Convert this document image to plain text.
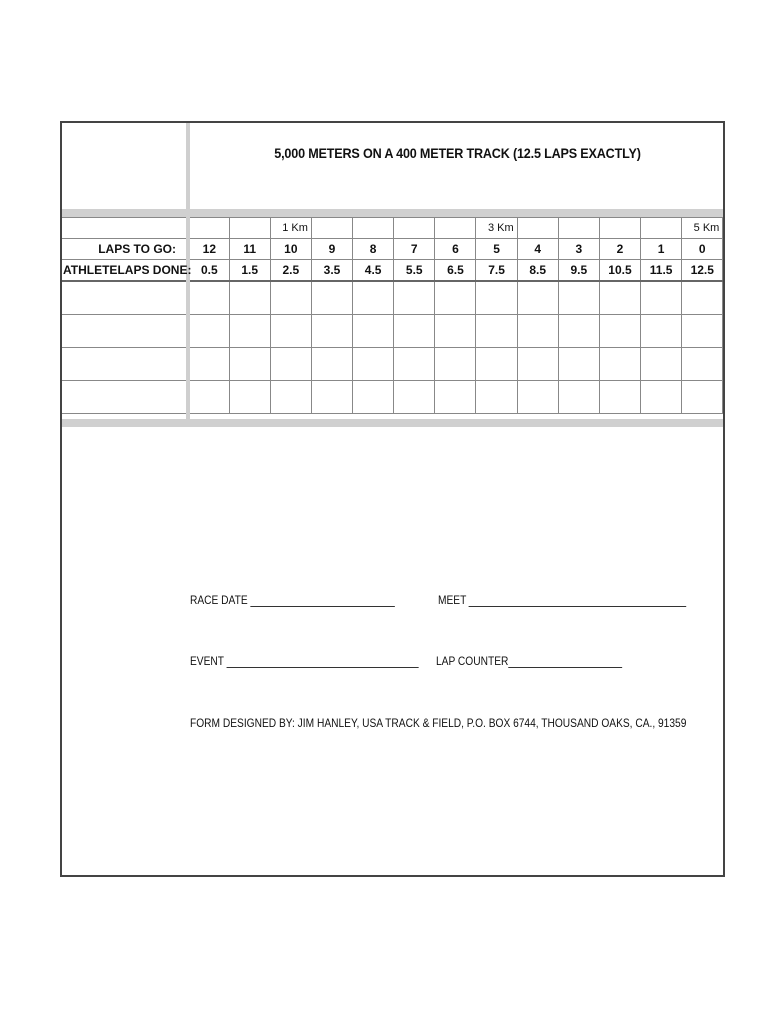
5,000 METERS ON A 400 METER TRACK (12.5 LAPS EXACTLY)
			1 Km					3 Km					5 Km
LAPS TO GO:	12	11	10	9	8	7	6	5	4	3	2	1	0

ATHLETE LAPS DONE:	0.5	1.5	2.5	3.5	4.5	5.5	6.5	7.5	8.5	9.5	10.5	11.5	12.5

RACE DATE	MEET
EVENT	LAP COUNTER
FORM DESIGNED BY: JIM HANLEY, USA TRACK & FIELD, P.O. BOX 6744, THOUSAND OAKS, CA., 91359
